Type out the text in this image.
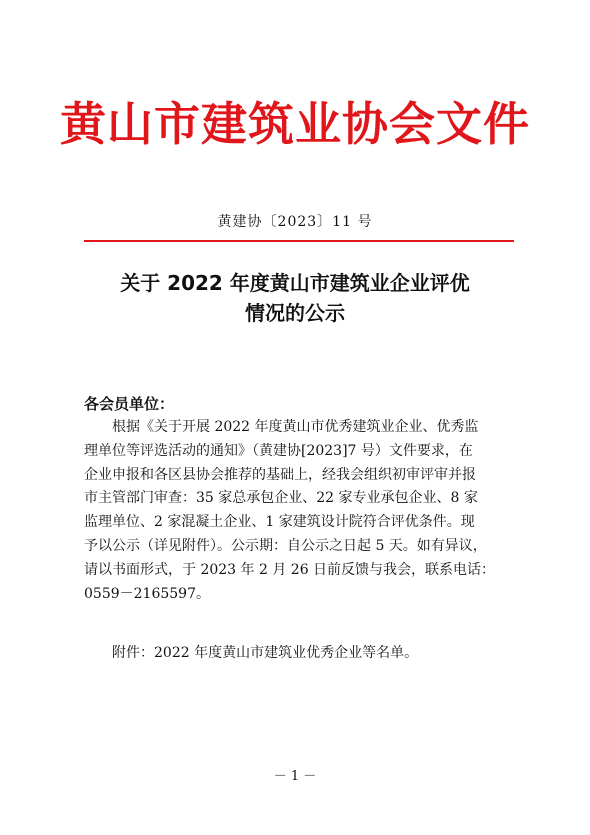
黄山市建筑业协会文件
黄建协〔2023〕11 号
关于 2022 年度黄山市建筑业企业评优
情况的公示
各会员单位：
　　根据《关于开展 2022 年度黄山市优秀建筑业企业、优秀监
理单位等评选活动的通知》（黄建协[2023]7 号）文件要求，在
企业申报和各区县协会推荐的基础上，经我会组织初审评审并报
市主管部门审查：35 家总承包企业、22 家专业承包企业、8 家
监理单位、2 家混凝土企业、1 家建筑设计院符合评优条件。现
予以公示（详见附件）。公示期：自公示之日起 5 天。如有异议，
请以书面形式，于 2023 年 2 月 26 日前反馈与我会，联系电话：
0559－2165597。
　　附件：2022 年度黄山市建筑业优秀企业等名单。
－ 1 －
